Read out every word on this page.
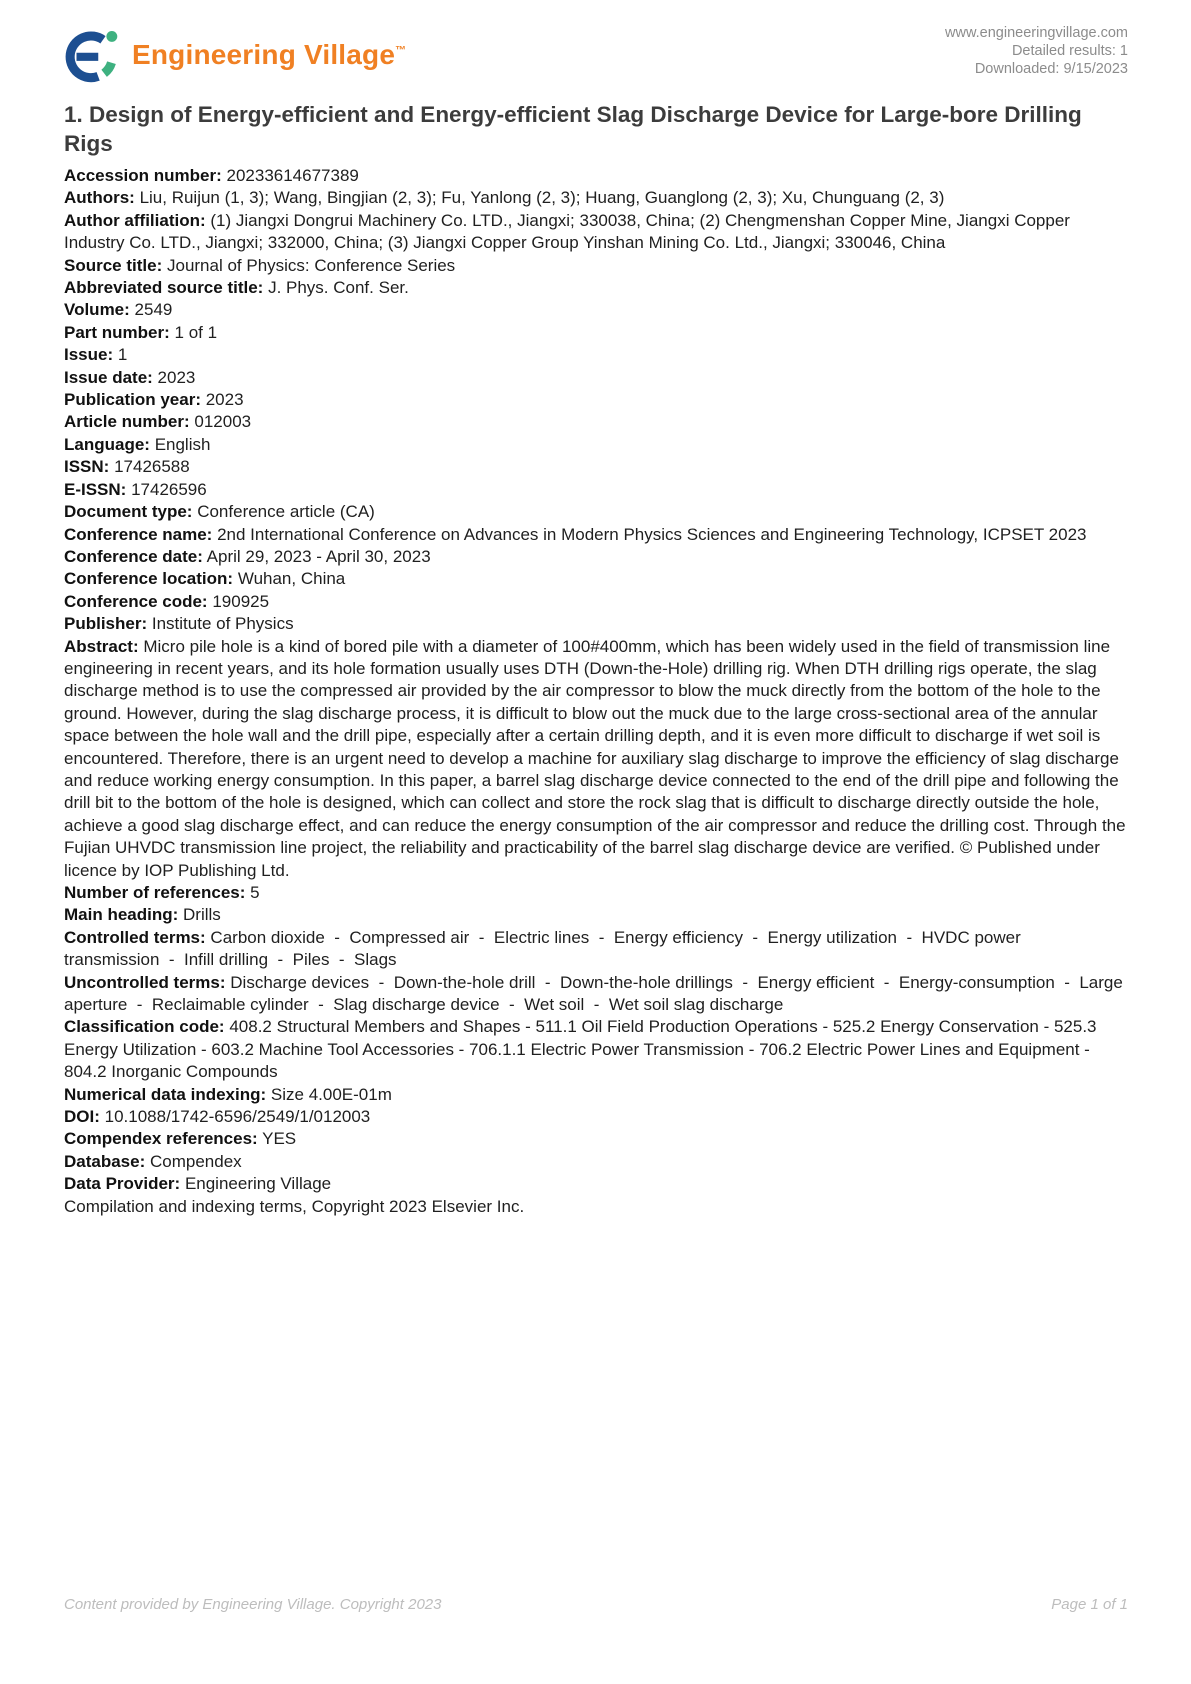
Engineering Village™
www.engineeringvillage.com
Detailed results: 1
Downloaded: 9/15/2023
1. Design of Energy-efficient and Energy-efficient Slag Discharge Device for Large-bore Drilling Rigs
Accession number: 20233614677389
Authors: Liu, Ruijun (1, 3); Wang, Bingjian (2, 3); Fu, Yanlong (2, 3); Huang, Guanglong (2, 3); Xu, Chunguang (2, 3)
Author affiliation: (1) Jiangxi Dongrui Machinery Co. LTD., Jiangxi; 330038, China; (2) Chengmenshan Copper Mine, Jiangxi Copper Industry Co. LTD., Jiangxi; 332000, China; (3) Jiangxi Copper Group Yinshan Mining Co. Ltd., Jiangxi; 330046, China
Source title: Journal of Physics: Conference Series
Abbreviated source title: J. Phys. Conf. Ser.
Volume: 2549
Part number: 1 of 1
Issue: 1
Issue date: 2023
Publication year: 2023
Article number: 012003
Language: English
ISSN: 17426588
E-ISSN: 17426596
Document type: Conference article (CA)
Conference name: 2nd International Conference on Advances in Modern Physics Sciences and Engineering Technology, ICPSET 2023
Conference date: April 29, 2023 - April 30, 2023
Conference location: Wuhan, China
Conference code: 190925
Publisher: Institute of Physics
Abstract: Micro pile hole is a kind of bored pile with a diameter of 100#400mm, which has been widely used in the field of transmission line engineering in recent years, and its hole formation usually uses DTH (Down-the-Hole) drilling rig. When DTH drilling rigs operate, the slag discharge method is to use the compressed air provided by the air compressor to blow the muck directly from the bottom of the hole to the ground. However, during the slag discharge process, it is difficult to blow out the muck due to the large cross-sectional area of the annular space between the hole wall and the drill pipe, especially after a certain drilling depth, and it is even more difficult to discharge if wet soil is encountered. Therefore, there is an urgent need to develop a machine for auxiliary slag discharge to improve the efficiency of slag discharge and reduce working energy consumption. In this paper, a barrel slag discharge device connected to the end of the drill pipe and following the drill bit to the bottom of the hole is designed, which can collect and store the rock slag that is difficult to discharge directly outside the hole, achieve a good slag discharge effect, and can reduce the energy consumption of the air compressor and reduce the drilling cost. Through the Fujian UHVDC transmission line project, the reliability and practicability of the barrel slag discharge device are verified. © Published under licence by IOP Publishing Ltd.
Number of references: 5
Main heading: Drills
Controlled terms: Carbon dioxide  -  Compressed air  -  Electric lines  -  Energy efficiency  -  Energy utilization  -  HVDC power transmission  -  Infill drilling  -  Piles  -  Slags
Uncontrolled terms: Discharge devices  -  Down-the-hole drill  -  Down-the-hole drillings  -  Energy efficient  -  Energy-consumption  -  Large aperture  -  Reclaimable cylinder  -  Slag discharge device  -  Wet soil  -  Wet soil slag discharge
Classification code: 408.2 Structural Members and Shapes - 511.1 Oil Field Production Operations - 525.2 Energy Conservation - 525.3 Energy Utilization - 603.2 Machine Tool Accessories - 706.1.1 Electric Power Transmission - 706.2 Electric Power Lines and Equipment - 804.2 Inorganic Compounds
Numerical data indexing: Size 4.00E-01m
DOI: 10.1088/1742-6596/2549/1/012003
Compendex references: YES
Database: Compendex
Data Provider: Engineering Village
Compilation and indexing terms, Copyright 2023 Elsevier Inc.
Content provided by Engineering Village. Copyright 2023	Page 1 of 1
